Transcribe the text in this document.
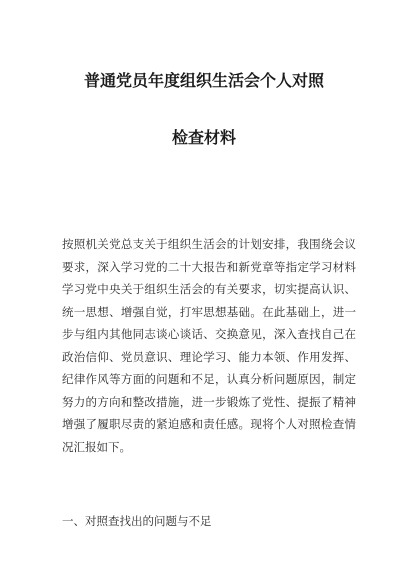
普通党员年度组织生活会个人对照
检查材料
按照机关党总支关于组织生活会的计划安排，我围绕会议
要求，深入学习党的二十大报告和新党章等指定学习材料
学习党中央关于组织生活会的有关要求，切实提高认识、
统一思想、增强自觉，打牢思想基础。在此基础上，进一
步与组内其他同志谈心谈话、交换意见，深入查找自己在
政治信仰、党员意识、理论学习、能力本领、作用发挥、
纪律作风等方面的问题和不足，认真分析问题原因，制定
努力的方向和整改措施，进一步锻炼了党性、提振了精神
增强了履职尽责的紧迫感和责任感。现将个人对照检查情
况汇报如下。
一、对照查找出的问题与不足
